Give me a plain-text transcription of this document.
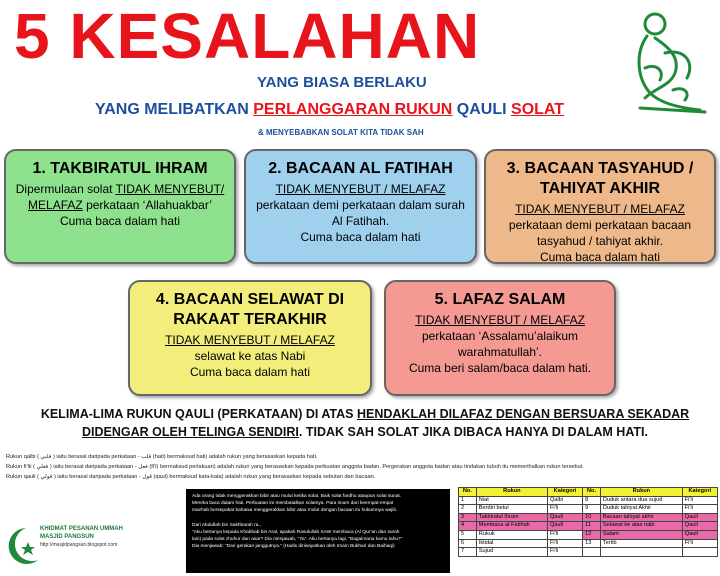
5 KESALAHAN
YANG BIASA BERLAKU
YANG MELIBATKAN PERLANGGARAN RUKUN QAULI SOLAT
& MENYEBABKAN SOLAT KITA TIDAK SAH
1. TAKBIRATUL IHRAM
Dipermulaan solat TIDAK MENYEBUT/ MELAFAZ perkataan ‘Allahuakbar’
Cuma baca dalam hati
2. BACAAN AL FATIHAH
TIDAK MENYEBUT / MELAFAZ
perkataan demi perkataan dalam surah Al Fatihah.
Cuma baca dalam hati
3. BACAAN TASYAHUD / TAHIYAT AKHIR
TIDAK MENYEBUT / MELAFAZ
perkataan demi perkataan bacaan tasyahud / tahiyat akhir.
Cuma baca dalam hati
4. BACAAN SELAWAT DI RAKAAT TERAKHIR
TIDAK MENYEBUT / MELAFAZ
selawat ke atas Nabi
Cuma baca dalam hati
5. LAFAZ SALAM
TIDAK MENYEBUT / MELAFAZ
perkataan ‘Assalamu’alaikum warahmatullah’.
Cuma beri salam/baca dalam hati.
KELIMA-LIMA RUKUN QAULI (PERKATAAN) DI ATAS HENDAKLAH DILAFAZ DENGAN BERSUARA SEKADAR DIDENGAR OLEH TELINGA SENDIRI. TIDAK SAH SOLAT JIKA DIBACA HANYA DI DALAM HATI.
Rukun qalbi ( قلبي ) iaitu berasal daripada perkataan - قلب (hati) bermaksud hati) adalah rukun yang berasaskan kepada hati.
Rukun fi’lii ( فعلي ) iaitu berasal daripada perkataan - فعل (fi’l) bermaksud perlakuan) adalah rukun yang berasaskan kepada perbuatan anggota badan. Pergerakan anggota badan atau tindakan tubuh itu memerihalkan rukun tersebut.
Rukun qauli ( قولي ) iaitu berasal daripada perkataan - قول (qaul) bermaksud kata-kata) adalah rukun yang berasaskan kepada sebutan dan bacaan.
KHIDMAT PESANAN UMMAH
MASJID PANGSUN
http://masjidpangsun.blogspot.com
Ada orang tidak menggerakkan bibir atau mulut ketika solat. Baik solat fardhu ataupun solat sunat.
Mereka baca dalam hati. Perbuatan ini membatalkan solatnya. Para imam dari keempat-empat
mazhab bersepakat bahawa menggerakkan bibir atau mulut dengan bacaan itu hukumnya wajib.

Dari Abdullah bin Sakhbarah ra.,
“Aku bertanya kepada Khabbab bin Arat, apakah Rasulullah SAW membaca (Al Qur’an dan surah
lain) pada solat zhuhur dan asar? Dia menjawab, “Ya”. Aku bertanya lagi, “Bagaimana kamu tahu?”
Dia menjawab: “Dari gerakan janggutnya.” (Hadis diriwayatkan oleh Imam Bukhari dan Baihaqi)
No.	Rukun	Kategori	No.	Rukun	Kategori
1	Niat	Qalbi	8	Duduk antara dua sujud	Fi'li
2	Berdiri betul	Fi'li	9	Duduk tahiyat Akhir	Fi'li
3	Takbiratul Ihram	Qauli	10	Bacaan tahiyat akhir	Qauli
4	Membaca al-Fatihah	Qauli	11	Selawat ke atas nabi	Qauli
5	Rukuk	Fi'li	12	Salam	Qauli
6	Iktidal	Fi'li	13	Tertib	Fi'li
7	Sujud	Fi'li			
